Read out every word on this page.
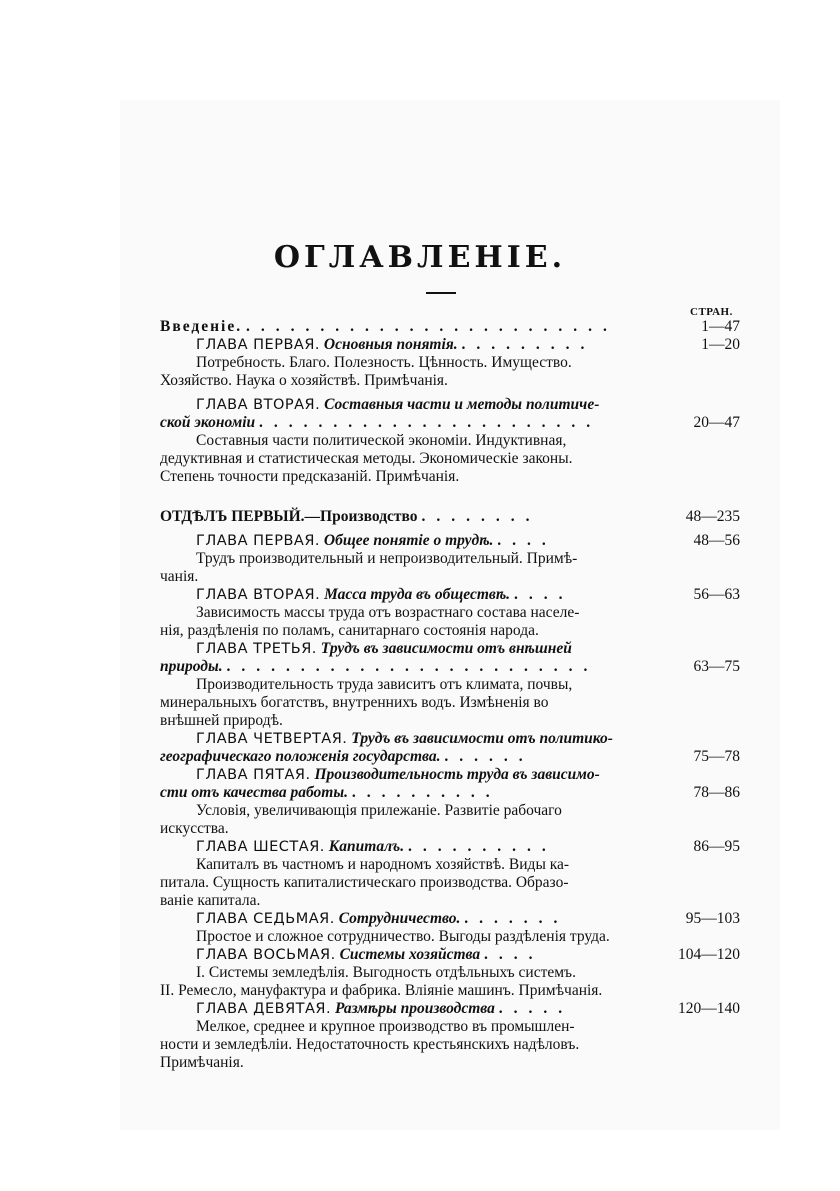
ОГЛАВЛЕНІЕ.
СТРАН.
Введеніе. .........................	1—47
ГЛАВА ПЕРВАЯ. Основныя понятія. .........	1—20
Потребность. Благо. Полезность. Цѣнность. Имущество.
Хозяйство. Наука о хозяйствѣ. Примѣчанія.
ГЛАВА ВТОРАЯ. Составныя части и методы политиче-
ской экономіи .......................	20—47
Составныя части политической экономіи. Индуктивная,
дедуктивная и статистическая методы. Экономическіе законы.
Степень точности предсказаній. Примѣчанія.
ОТДѢЛЪ ПЕРВЫЙ.—Производство ........	48—235
ГЛАВА ПЕРВАЯ. Общее понятіе о трудѣ. ....	48—56
Трудъ производительный и непроизводительный. Примѣ-
чанія.
ГЛАВА ВТОРАЯ. Масса труда въ обществѣ. ....	56—63
Зависимость массы труда отъ возрастнаго состава населе-
нія, раздѣленія по поламъ, санитарнаго состоянія народа.
ГЛАВА ТРЕТЬЯ. Трудъ въ зависимости отъ внѣшней
природы. .........................	63—75
Производительность труда зависитъ отъ климата, почвы,
минеральныхъ богатствъ, внутреннихъ водъ. Измѣненія во
внѣшней природѣ.
ГЛАВА ЧЕТВЕРТАЯ. Трудъ въ зависимости отъ политико-
географическаго положенія государства. ......	75—78
ГЛАВА ПЯТАЯ. Производительность труда въ зависимо-
сти отъ качества работы. ..........	78—86
Условія, увеличивающія прилежаніе. Развитіе рабочаго
искусства.
ГЛАВА ШЕСТАЯ. Капиталъ. ..........	86—95
Капиталъ въ частномъ и народномъ хозяйствѣ. Виды ка-
питала. Сущность капиталистическаго производства. Образо-
ваніе капитала.
ГЛАВА СЕДЬМАЯ. Сотрудничество. .......	95—103
Простое и сложное сотрудничество. Выгоды раздѣленія труда.
ГЛАВА ВОСЬМАЯ. Системы хозяйства ....	104—120
I. Системы земледѣлія. Выгодность отдѣльныхъ системъ.
II. Ремесло, мануфактура и фабрика. Вліяніе машинъ. Примѣчанія.
ГЛАВА ДЕВЯТАЯ. Размѣры производства .....	120—140
Мелкое, среднее и крупное производство въ промышлен-
ности и земледѣліи. Недостаточность крестьянскихъ надѣловъ.
Примѣчанія.
